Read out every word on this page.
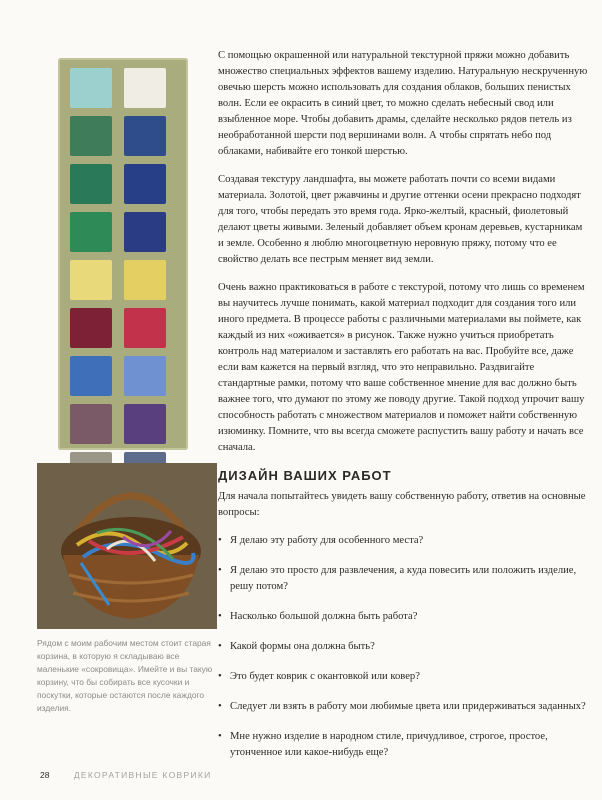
С помощью окрашенной или натуральной текстурной пряжи можно добавить множество специальных эффектов вашему изделию. Натуральную нескрученную овечью шерсть можно использовать для создания облаков, больших пенистых волн. Если ее окрасить в синий цвет, то можно сделать небесный свод или взыбленное море. Чтобы добавить драмы, сделайте несколько рядов петель из необработанной шерсти под вершинами волн. А чтобы спрятать небо под облаками, набивайте его тонкой шерстью.

Создавая текстуру ландшафта, вы можете работать почти со всеми видами материала. Золотой, цвет ржавчины и другие оттенки осени прекрасно подходят для того, чтобы передать это время года. Ярко-желтый, красный, фиолетовый делают цветы живыми. Зеленый добавляет объем кронам деревьев, кустарникам и земле. Особенно я люблю многоцветную неровную пряжу, потому что ее свойство делать все пестрым меняет вид земли.

Очень важно практиковаться в работе с текстурой, потому что лишь со временем вы научитесь лучше понимать, какой материал подходит для создания того или иного предмета. В процессе работы с различными материалами вы поймете, как каждый из них «оживается» в рисунок. Также нужно учиться приобретать контроль над материалом и заставлять его работать на вас. Пробуйте все, даже если вам кажется на первый взгляд, что это неправильно. Раздвигайте стандартные рамки, потому что ваше собственное мнение для вас должно быть важнее того, что думают по этому же поводу другие. Такой подход упрочит вашу способность работать с множеством материалов и поможет найти собственную изюминку. Помните, что вы всегда сможете распустить вашу работу и начать все сначала.

ДИЗАЙН ВАШИХ РАБОТ

Для начала попытайтесь увидеть вашу собственную работу, ответив на основные вопросы:

• Я делаю эту работу для особенного места?
• Я делаю это просто для развлечения, а куда повесить или положить изделие, решу потом?
• Насколько большой должна быть работа?
• Какой формы она должна быть?
• Это будет коврик с окантовкой или ковер?
• Следует ли взять в работу мои любимые цвета или придерживаться заданных?
• Мне нужно изделие в народном стиле, причудливое, строгое, простое, утонченное или какое-нибудь еще?

Рядом с моим рабочим местом стоит старая корзина, в которую я складываю все маленькие «сокровища». Имейте и вы такую корзину, что бы собирать все кусочки и поскутки, которые остаются после каждого изделия.

28	ДЕКОРАТИВНЫЕ КОВРИКИ
